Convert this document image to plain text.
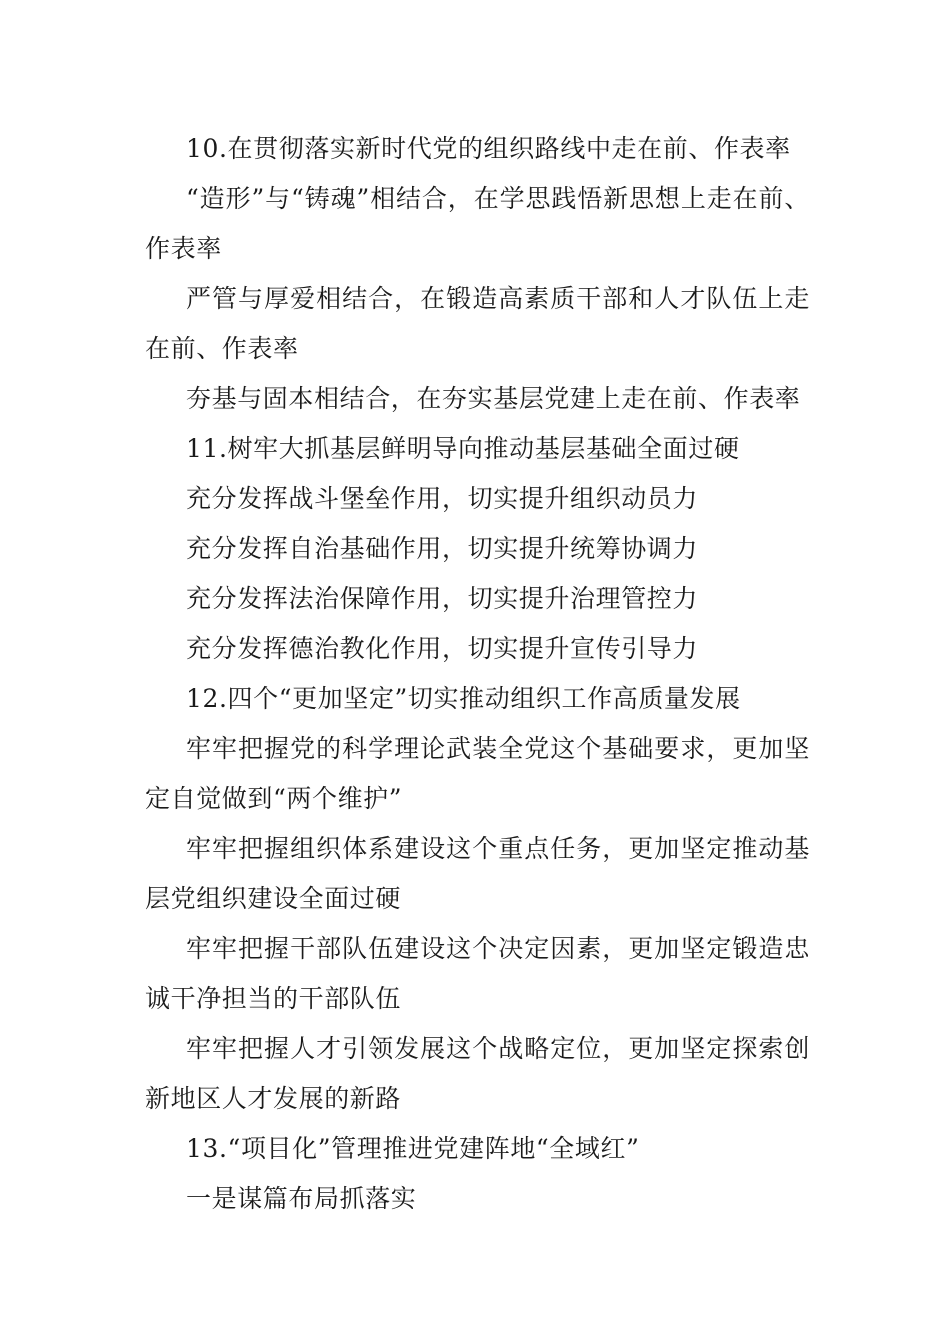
10.在贯彻落实新时代党的组织路线中走在前、作表率

“造形”与“铸魂”相结合，在学思践悟新思想上走在前、作表率

严管与厚爱相结合，在锻造高素质干部和人才队伍上走在前、作表率

夯基与固本相结合，在夯实基层党建上走在前、作表率

11.树牢大抓基层鲜明导向推动基层基础全面过硬

充分发挥战斗堡垒作用，切实提升组织动员力

充分发挥自治基础作用，切实提升统筹协调力

充分发挥法治保障作用，切实提升治理管控力

充分发挥德治教化作用，切实提升宣传引导力

12.四个“更加坚定”切实推动组织工作高质量发展

牢牢把握党的科学理论武装全党这个基础要求，更加坚定自觉做到“两个维护”

牢牢把握组织体系建设这个重点任务，更加坚定推动基层党组织建设全面过硬

牢牢把握干部队伍建设这个决定因素，更加坚定锻造忠诚干净担当的干部队伍

牢牢把握人才引领发展这个战略定位，更加坚定探索创新地区人才发展的新路

13.“项目化”管理推进党建阵地“全域红”

一是谋篇布局抓落实
